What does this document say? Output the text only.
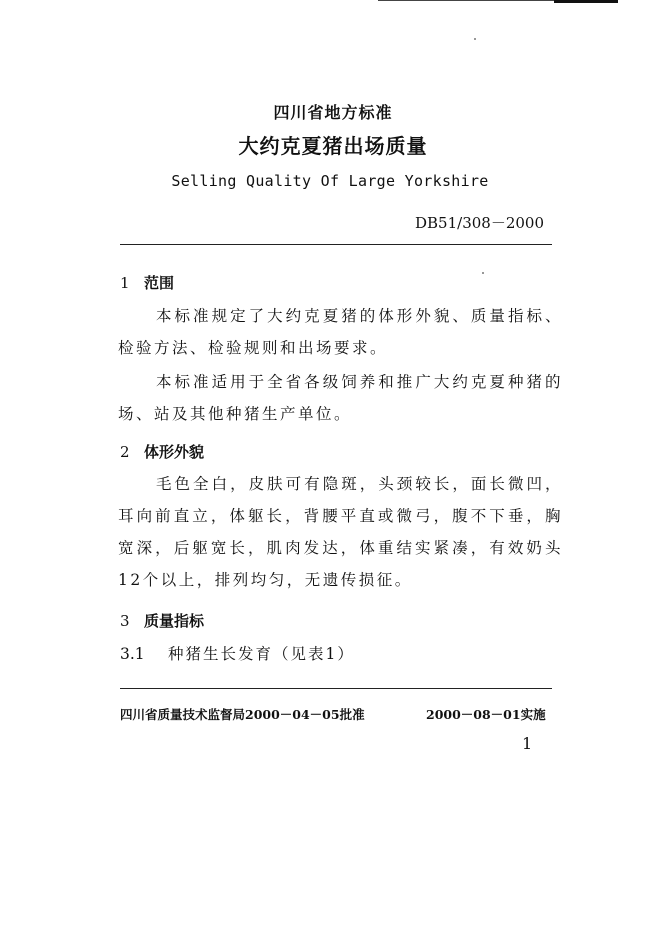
四川省地方标准
大约克夏猪出场质量
Selling Quality Of Large Yorkshire
DB51/308－2000
1 范围
本标准规定了大约克夏猪的体形外貌、质量指标、检验方法、检验规则和出场要求。
本标准适用于全省各级饲养和推广大约克夏种猪的场、站及其他种猪生产单位。
2 体形外貌
毛色全白，皮肤可有隐斑，头颈较长，面长微凹，耳向前直立，体躯长，背腰平直或微弓，腹不下垂，胸宽深，后躯宽长，肌肉发达，体重结实紧凑，有效奶头12个以上，排列均匀，无遗传损征。
3 质量指标
3.1 种猪生长发育（见表1）
四川省质量技术监督局2000－04－05批准	2000－08－01实施
1
